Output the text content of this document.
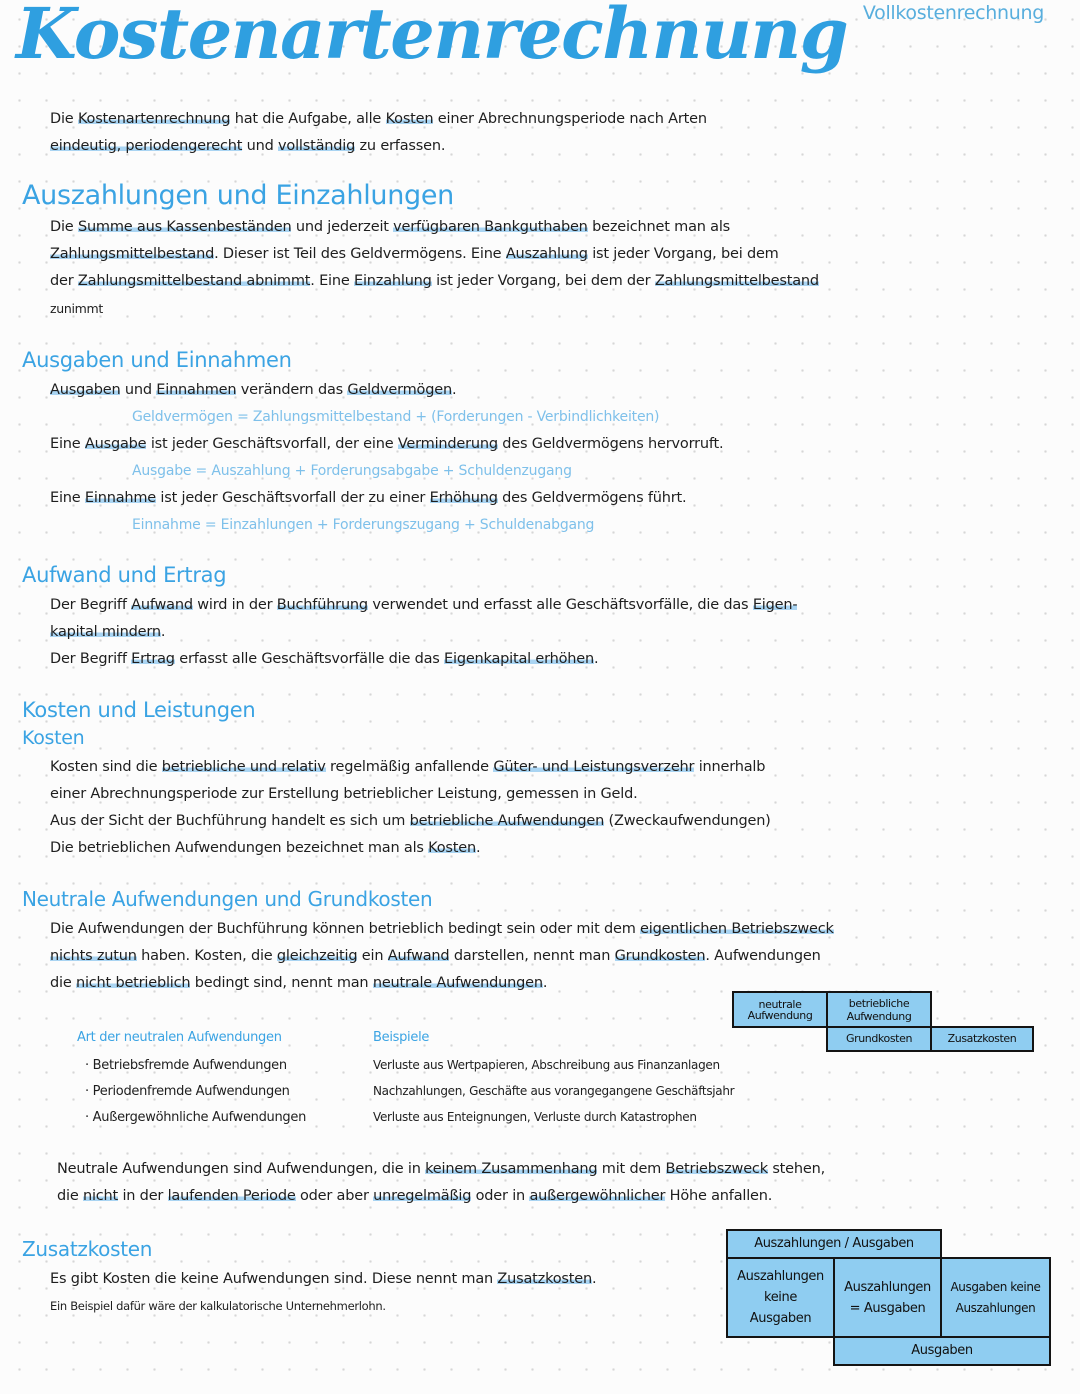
Vollkostenrechnung
Kostenartenrechnung
Die Kostenartenrechnung hat die Aufgabe, alle Kosten einer Abrechnungsperiode nach Arten
eindeutig, periodengerecht und vollständig zu erfassen.
Auszahlungen und Einzahlungen
Die Summe aus Kassenbeständen und jederzeit verfügbaren Bankguthaben bezeichnet man als
Zahlungsmittelbestand. Dieser ist Teil des Geldvermögens. Eine Auszahlung ist jeder Vorgang, bei dem
der Zahlungsmittelbestand abnimmt. Eine Einzahlung ist jeder Vorgang, bei dem der Zahlungsmittelbestand
zunimmt
Ausgaben und Einnahmen
Ausgaben und Einnahmen verändern das Geldvermögen.
Geldvermögen = Zahlungsmittelbestand + (Forderungen - Verbindlichkeiten)
Eine Ausgabe ist jeder Geschäftsvorfall, der eine Verminderung des Geldvermögens hervorruft.
Ausgabe = Auszahlung + Forderungsabgabe + Schuldenzugang
Eine Einnahme ist jeder Geschäftsvorfall der zu einer Erhöhung des Geldvermögens führt.
Einnahme = Einzahlungen + Forderungszugang + Schuldenabgang
Aufwand und Ertrag
Der Begriff Aufwand wird in der Buchführung verwendet und erfasst alle Geschäftsvorfälle, die das Eigen-
kapital mindern.
Der Begriff Ertrag erfasst alle Geschäftsvorfälle die das Eigenkapital erhöhen.
Kosten und Leistungen
Kosten
Kosten sind die betriebliche und relativ regelmäßig anfallende Güter- und Leistungsverzehr innerhalb
einer Abrechnungsperiode zur Erstellung betrieblicher Leistung, gemessen in Geld.
Aus der Sicht der Buchführung handelt es sich um betriebliche Aufwendungen (Zweckaufwendungen)
Die betrieblichen Aufwendungen bezeichnet man als Kosten.
Neutrale Aufwendungen und Grundkosten
Die Aufwendungen der Buchführung können betrieblich bedingt sein oder mit dem eigentlichen Betriebszweck
nichts zutun haben. Kosten, die gleichzeitig ein Aufwand darstellen, nennt man Grundkosten. Aufwendungen
die nicht betrieblich bedingt sind, nennt man neutrale Aufwendungen.
neutrale Aufwendung
betriebliche Aufwendung
Grundkosten	Zusatzkosten
Art der neutralen Aufwendungen	Beispiele
· Betriebsfremde Aufwendungen	Verluste aus Wertpapieren, Abschreibung aus Finanzanlagen
· Periodenfremde Aufwendungen	Nachzahlungen, Geschäfte aus vorangegangene Geschäftsjahr
· Außergewöhnliche Aufwendungen	Verluste aus Enteignungen, Verluste durch Katastrophen
Neutrale Aufwendungen sind Aufwendungen, die in keinem Zusammenhang mit dem Betriebszweck stehen,
die nicht in der laufenden Periode oder aber unregelmäßig oder in außergewöhnlicher Höhe anfallen.
Zusatzkosten
Es gibt Kosten die keine Aufwendungen sind. Diese nennt man Zusatzkosten.
Ein Beispiel dafür wäre der kalkulatorische Unternehmerlohn.
Auszahlungen / Ausgaben
Auszahlungen keine Ausgaben
Auszahlungen = Ausgaben
Ausgaben keine Auszahlungen
Ausgaben
